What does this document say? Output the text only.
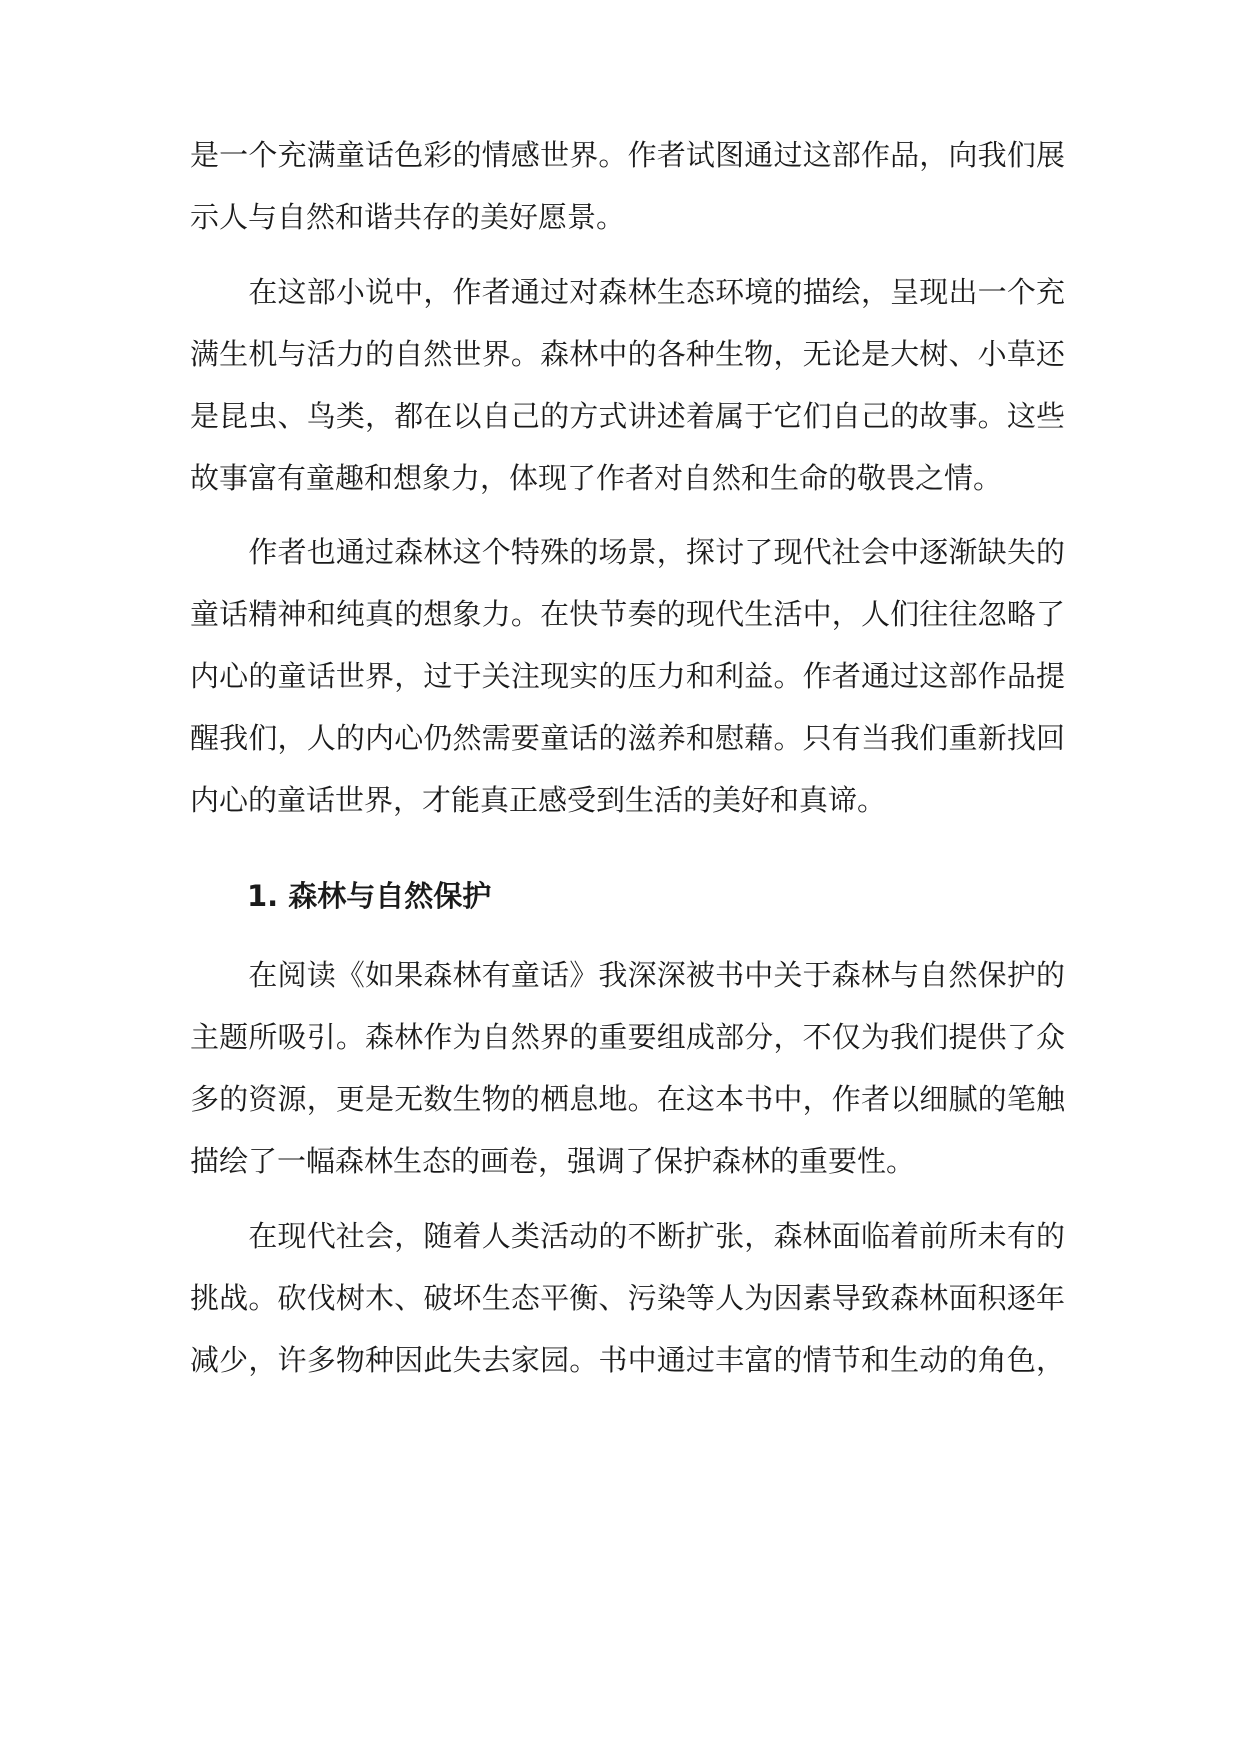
是一个充满童话色彩的情感世界。作者试图通过这部作品，向我们展
示人与自然和谐共存的美好愿景。
　　在这部小说中，作者通过对森林生态环境的描绘，呈现出一个充
满生机与活力的自然世界。森林中的各种生物，无论是大树、小草还
是昆虫、鸟类，都在以自己的方式讲述着属于它们自己的故事。这些
故事富有童趣和想象力，体现了作者对自然和生命的敬畏之情。
　　作者也通过森林这个特殊的场景，探讨了现代社会中逐渐缺失的
童话精神和纯真的想象力。在快节奏的现代生活中，人们往往忽略了
内心的童话世界，过于关注现实的压力和利益。作者通过这部作品提
醒我们，人的内心仍然需要童话的滋养和慰藉。只有当我们重新找回
内心的童话世界，才能真正感受到生活的美好和真谛。
1. 森林与自然保护
　　在阅读《如果森林有童话》我深深被书中关于森林与自然保护的
主题所吸引。森林作为自然界的重要组成部分，不仅为我们提供了众
多的资源，更是无数生物的栖息地。在这本书中，作者以细腻的笔触
描绘了一幅森林生态的画卷，强调了保护森林的重要性。
　　在现代社会，随着人类活动的不断扩张，森林面临着前所未有的
挑战。砍伐树木、破坏生态平衡、污染等人为因素导致森林面积逐年
减少，许多物种因此失去家园。书中通过丰富的情节和生动的角色，
